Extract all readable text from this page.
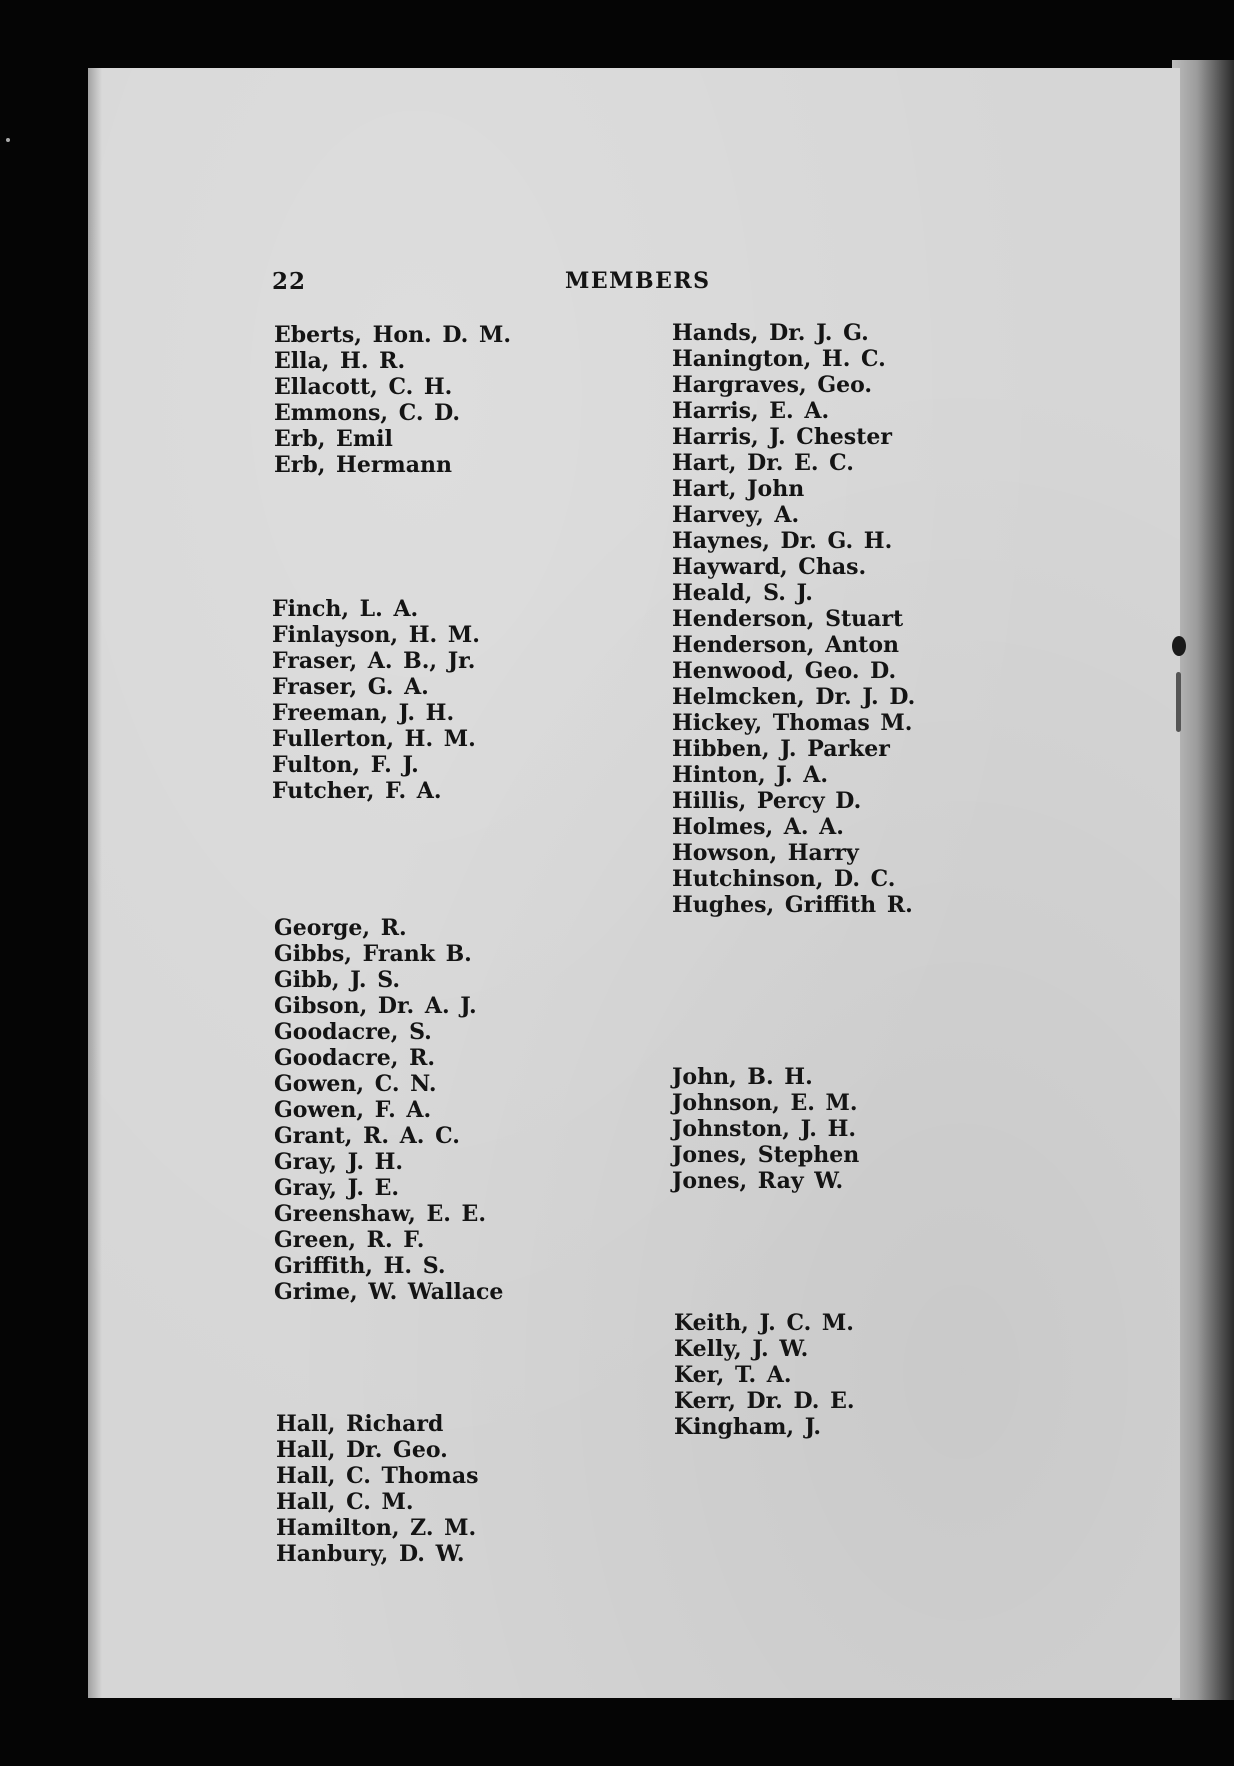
22	MEMBERS
Eberts, Hon. D. M.
Ella, H. R.
Ellacott, C. H.
Emmons, C. D.
Erb, Emil
Erb, Hermann
Finch, L. A.
Finlayson, H. M.
Fraser, A. B., Jr.
Fraser, G. A.
Freeman, J. H.
Fullerton, H. M.
Fulton, F. J.
Futcher, F. A.
George, R.
Gibbs, Frank B.
Gibb, J. S.
Gibson, Dr. A. J.
Goodacre, S.
Goodacre, R.
Gowen, C. N.
Gowen, F. A.
Grant, R. A. C.
Gray, J. H.
Gray, J. E.
Greenshaw, E. E.
Green, R. F.
Griffith, H. S.
Grime, W. Wallace
Hall, Richard
Hall, Dr. Geo.
Hall, C. Thomas
Hall, C. M.
Hamilton, Z. M.
Hanbury, D. W.
Hands, Dr. J. G.
Hanington, H. C.
Hargraves, Geo.
Harris, E. A.
Harris, J. Chester
Hart, Dr. E. C.
Hart, John
Harvey, A.
Haynes, Dr. G. H.
Hayward, Chas.
Heald, S. J.
Henderson, Stuart
Henderson, Anton
Henwood, Geo. D.
Helmcken, Dr. J. D.
Hickey, Thomas M.
Hibben, J. Parker
Hinton, J. A.
Hillis, Percy D.
Holmes, A. A.
Howson, Harry
Hutchinson, D. C.
Hughes, Griffith R.
John, B. H.
Johnson, E. M.
Johnston, J. H.
Jones, Stephen
Jones, Ray W.
Keith, J. C. M.
Kelly, J. W.
Ker, T. A.
Kerr, Dr. D. E.
Kingham, J.
